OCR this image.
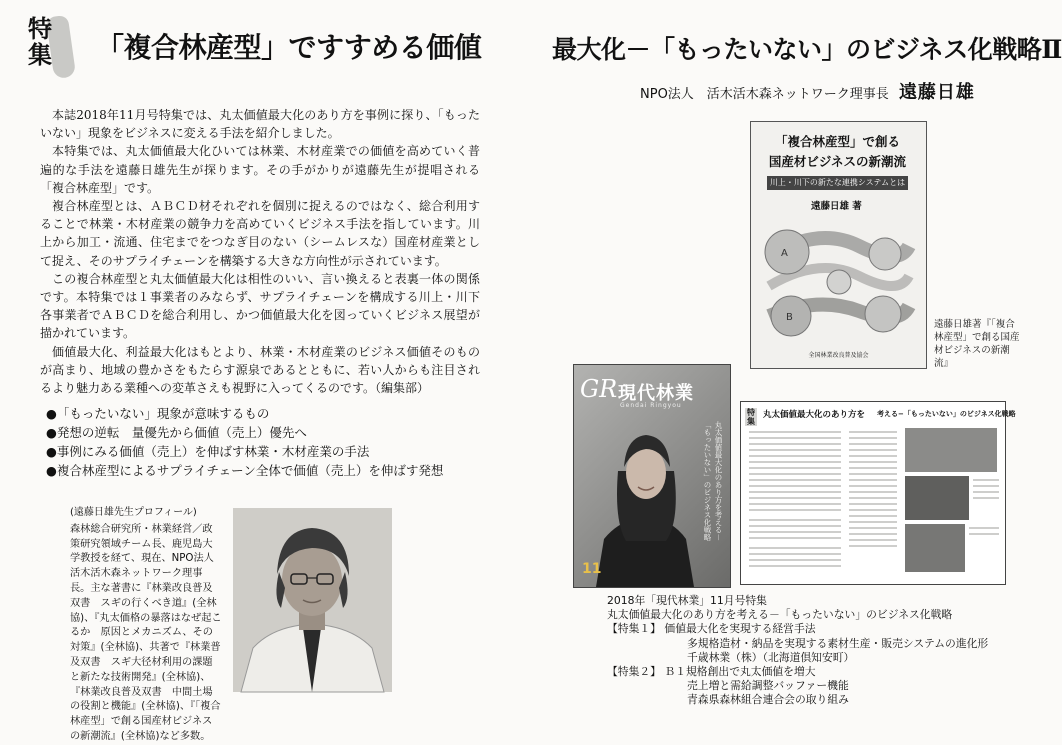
特
集	「複合林産型」ですすめる価値	最大化－「もったいない」のビジネス化戦略Ⅱ
NPO法人　活木活木森ネットワーク理事長 遠藤日雄

本誌2018年11月号特集では、丸太価値最大化のあり方を事例に探り、「もったいない」現象をビジネスに変える手法を紹介しました。

本特集では、丸太価値最大化ひいては林業、木材産業での価値を高めていく普遍的な手法を遠藤日雄先生が探ります。その手がかりが遠藤先生が提唱される「複合林産型」です。

複合林産型とは、ＡＢＣＤ材それぞれを個別に捉えるのではなく、総合利用することで林業・木材産業の競争力を高めていくビジネス手法を指しています。川上から加工・流通、住宅までをつなぎ目のない（シームレスな）国産材産業として捉え、そのサプライチェーンを構築する大きな方向性が示されています。

この複合林産型と丸太価値最大化は相性のいい、言い換えると表裏一体の関係です。本特集では１事業者のみならず、サプライチェーンを構成する川上・川下各事業者でＡＢＣＤを総合利用し、かつ価値最大化を図っていくビジネス展望が描かれています。

価値最大化、利益最大化はもとより、林業・木材産業のビジネス価値そのものが高まり、地域の豊かさをもたらす源泉であるとともに、若い人からも注目されるより魅力ある業種への変革さえも視野に入ってくるのです。（編集部）

●「もったいない」現象が意味するもの
●発想の逆転　量優先から価値（売上）優先へ
●事例にみる価値（売上）を伸ばす林業・木材産業の手法
●複合林産型によるサプライチェーン全体で価値（売上）を伸ばす発想
(遠藤日雄先生プロフィール)
森林総合研究所・林業経営／政策研究領域チーム長、鹿児島大学教授を経て、現在、NPO法人 活木活木森ネットワーク理事長。主な著書に『林業改良普及双書　スギの行くべき道』(全林協)、『丸太価格の暴落はなぜ起こるか　原因とメカニズム、その対策』(全林協)、共著で『林業普及双書　スギ大径材利用の課題と新たな技術開発』(全林協)、『林業改良普及双書　中間土場の役割と機能』(全林協)、『「複合林産型」で創る国産材ビジネスの新潮流』(全林協)など多数。
「複合林産型」で創る
国産材ビジネスの新潮流
川上・川下の新たな連携システムとは
遠藤日雄 著
A
B
全国林業改良普及協会
遠藤日雄著『「複合林産型」で創る国産材ビジネスの新潮流』
GR 現代林業
Gendai Ringyou
丸太価値最大化のあり方を考える－「もったいない」のビジネス化戦略
11
特集
丸太価値最大化のあり方を 考える−「もったいない」のビジネス化戦略
2018年「現代林業」11月号特集
丸太価値最大化のあり方を考える－「もったいない」のビジネス化戦略
【特集１】 価値最大化を実現する経営手法
多規格造材・納品を実現する素材生産・販売システムの進化形
千歳林業（株）（北海道倶知安町）
【特集２】 Ｂ１規格創出で丸太価値を増大
売上増と需給調整バッファー機能
青森県森林組合連合会の取り組み
